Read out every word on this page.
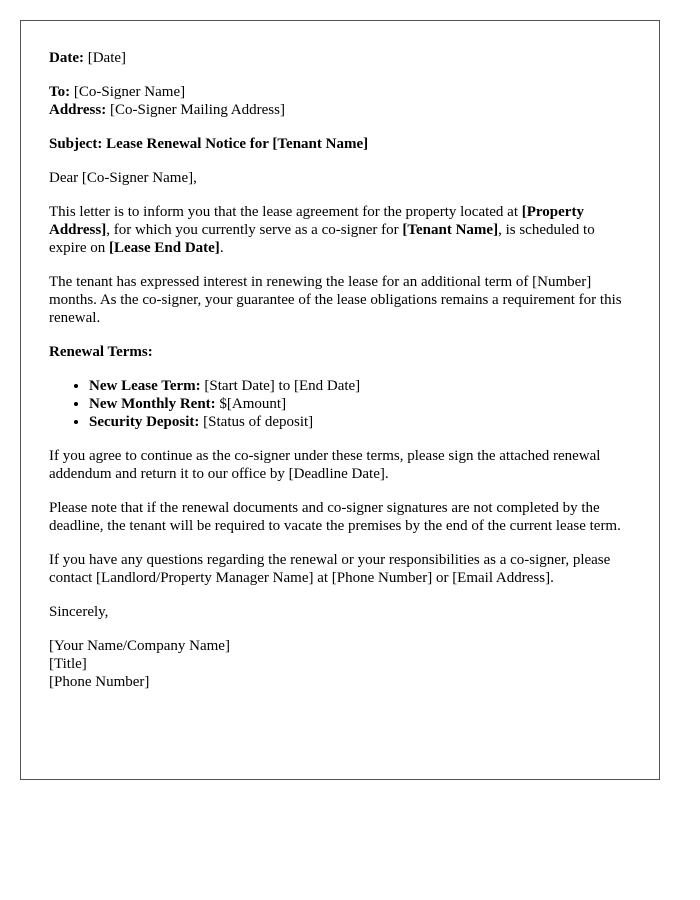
Date: [Date]

To: [Co-Signer Name]
Address: [Co-Signer Mailing Address]

Subject: Lease Renewal Notice for [Tenant Name]

Dear [Co-Signer Name],

This letter is to inform you that the lease agreement for the property located at [Property Address], for which you currently serve as a co-signer for [Tenant Name], is scheduled to expire on [Lease End Date].

The tenant has expressed interest in renewing the lease for an additional term of [Number] months. As the co-signer, your guarantee of the lease obligations remains a requirement for this renewal.

Renewal Terms:

• New Lease Term: [Start Date] to [End Date]
• New Monthly Rent: $[Amount]
• Security Deposit: [Status of deposit]

If you agree to continue as the co-signer under these terms, please sign the attached renewal addendum and return it to our office by [Deadline Date].

Please note that if the renewal documents and co-signer signatures are not completed by the deadline, the tenant will be required to vacate the premises by the end of the current lease term.

If you have any questions regarding the renewal or your responsibilities as a co-signer, please contact [Landlord/Property Manager Name] at [Phone Number] or [Email Address].

Sincerely,

[Your Name/Company Name]
[Title]
[Phone Number]
